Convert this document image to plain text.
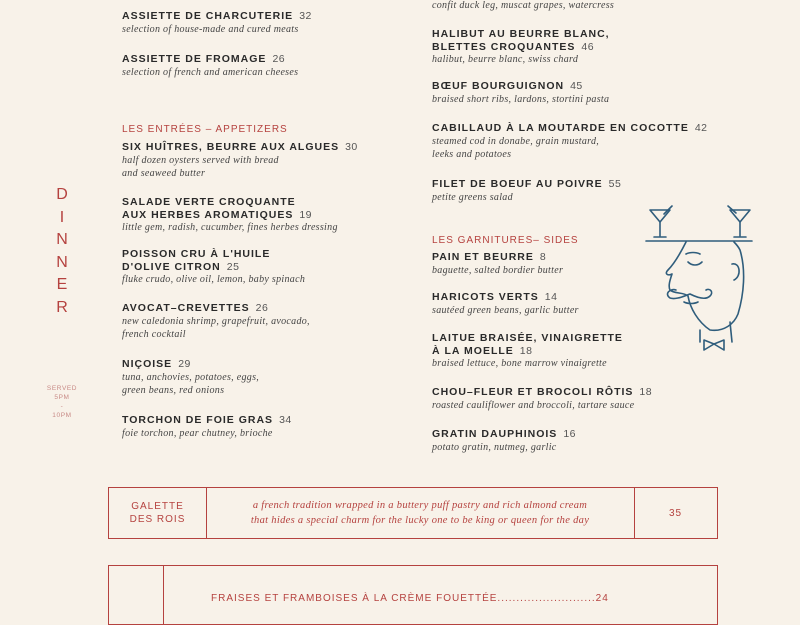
D
I
N
N
E
R
SERVED
5PM
-
10PM
ASSIETTE DE CHARCUTERIE 32
selection of house-made and cured meats
ASSIETTE DE FROMAGE 26
selection of french and american cheeses
LES ENTRÉES – APPETIZERS
SIX HUÎTRES, BEURRE AUX ALGUES 30
half dozen oysters served with bread
and seaweed butter
SALADE VERTE CROQUANTE
AUX HERBES AROMATIQUES 19
little gem, radish, cucumber, fines herbes dressing
POISSON CRU À L'HUILE
D'OLIVE CITRON 25
fluke crudo, olive oil, lemon, baby spinach
AVOCAT–CREVETTES 26
new caledonia shrimp, grapefruit, avocado,
french cocktail
NIÇOISE 29
tuna, anchovies, potatoes, eggs,
green beans, red onions
TORCHON DE FOIE GRAS 34
foie torchon, pear chutney, brioche
confit duck leg, muscat grapes, watercress
HALIBUT AU BEURRE BLANC,
BLETTES CROQUANTES 46
halibut, beurre blanc, swiss chard
BŒUF BOURGUIGNON 45
braised short ribs, lardons, stortini pasta
CABILLAUD À LA MOUTARDE EN COCOTTE 42
steamed cod in donabe, grain mustard,
leeks and potatoes
FILET DE BOEUF AU POIVRE 55
petite greens salad
LES GARNITURES– SIDES
PAIN ET BEURRE 8
baguette, salted bordier butter
HARICOTS VERTS 14
sautéed green beans, garlic butter
LAITUE BRAISÉE, VINAIGRETTE
À LA MOELLE 18
braised lettuce, bone marrow vinaigrette
CHOU–FLEUR ET BROCOLI RÔTIS 18
roasted cauliflower and broccoli, tartare sauce
GRATIN DAUPHINOIS 16
potato gratin, nutmeg, garlic
GALETTE
DES ROIS
a french tradition wrapped in a buttery puff pastry and rich almond cream
that hides a special charm for the lucky one to be king or queen for the day
35
FRAISES ET FRAMBOISES À LA CRÈME FOUETTÉE..........................24
